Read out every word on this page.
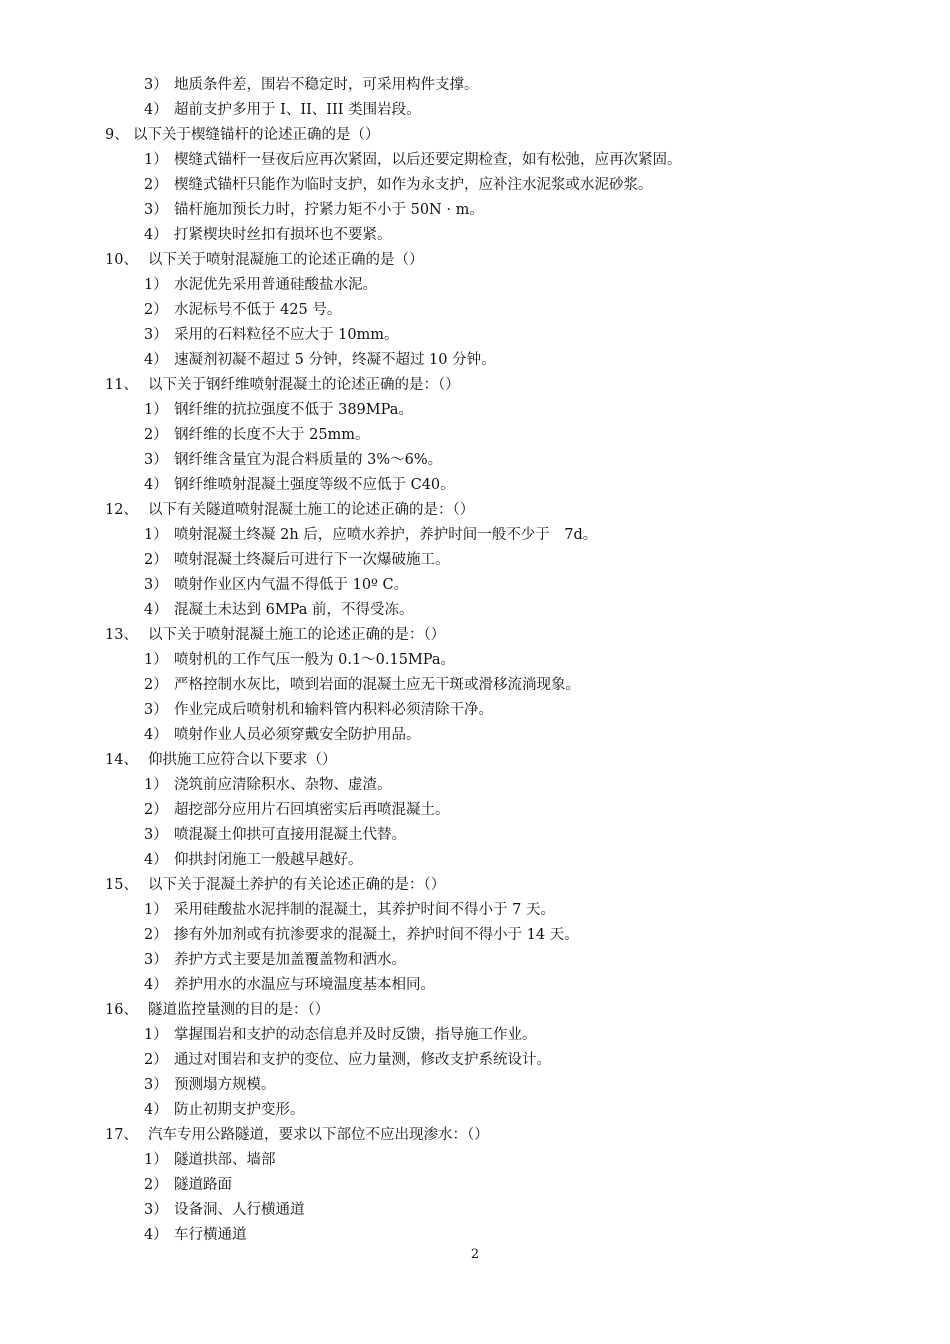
3） 地质条件差，围岩不稳定时，可采用构件支撑。
4） 超前支护多用于 I、II、III 类围岩段。
9、 以下关于楔缝锚杆的论述正确的是（）
1） 楔缝式锚杆一昼夜后应再次紧固，以后还要定期检查，如有松弛，应再次紧固。
2） 楔缝式锚杆只能作为临时支护，如作为永支护，应补注水泥浆或水泥砂浆。
3） 锚杆施加预长力时，拧紧力矩不小于 50N · m。
4） 打紧楔块时丝扣有损坏也不要紧。
10、 以下关于喷射混凝施工的论述正确的是（）
1） 水泥优先采用普通硅酸盐水泥。
2） 水泥标号不低于 425 号。
3） 采用的石料粒径不应大于 10mm。
4） 速凝剂初凝不超过 5 分钟，终凝不超过 10 分钟。
11、 以下关于钢纤维喷射混凝土的论述正确的是：（）
1） 钢纤维的抗拉强度不低于 389MPa。
2） 钢纤维的长度不大于 25mm。
3） 钢纤维含量宜为混合料质量的 3%～6%。
4） 钢纤维喷射混凝土强度等级不应低于 C40。
12、 以下有关隧道喷射混凝土施工的论述正确的是：（）
1） 喷射混凝土终凝 2h 后，应喷水养护，养护时间一般不少于　7d。
2） 喷射混凝土终凝后可进行下一次爆破施工。
3） 喷射作业区内气温不得低于 10º C。
4） 混凝土未达到 6MPa 前，不得受冻。
13、 以下关于喷射混凝土施工的论述正确的是：（）
1） 喷射机的工作气压一般为 0.1～0.15MPa。
2） 严格控制水灰比，喷到岩面的混凝土应无干斑或滑移流淌现象。
3） 作业完成后喷射机和输料管内积料必须清除干净。
4） 喷射作业人员必须穿戴安全防护用品。
14、 仰拱施工应符合以下要求（）
1） 浇筑前应清除积水、杂物、虚渣。
2） 超挖部分应用片石回填密实后再喷混凝土。
3） 喷混凝土仰拱可直接用混凝土代替。
4） 仰拱封闭施工一般越早越好。
15、 以下关于混凝土养护的有关论述正确的是：（）
1） 采用硅酸盐水泥拌制的混凝土，其养护时间不得小于 7 天。
2） 掺有外加剂或有抗渗要求的混凝土，养护时间不得小于 14 天。
3） 养护方式主要是加盖覆盖物和洒水。
4） 养护用水的水温应与环境温度基本相同。
16、 隧道监控量测的目的是：（）
1） 掌握围岩和支护的动态信息并及时反馈，指导施工作业。
2） 通过对围岩和支护的变位、应力量测，修改支护系统设计。
3） 预测塌方规模。
4） 防止初期支护变形。
17、 汽车专用公路隧道，要求以下部位不应出现渗水：（）
1） 隧道拱部、墙部
2） 隧道路面
3） 设备洞、人行横通道
4） 车行横通道
2
